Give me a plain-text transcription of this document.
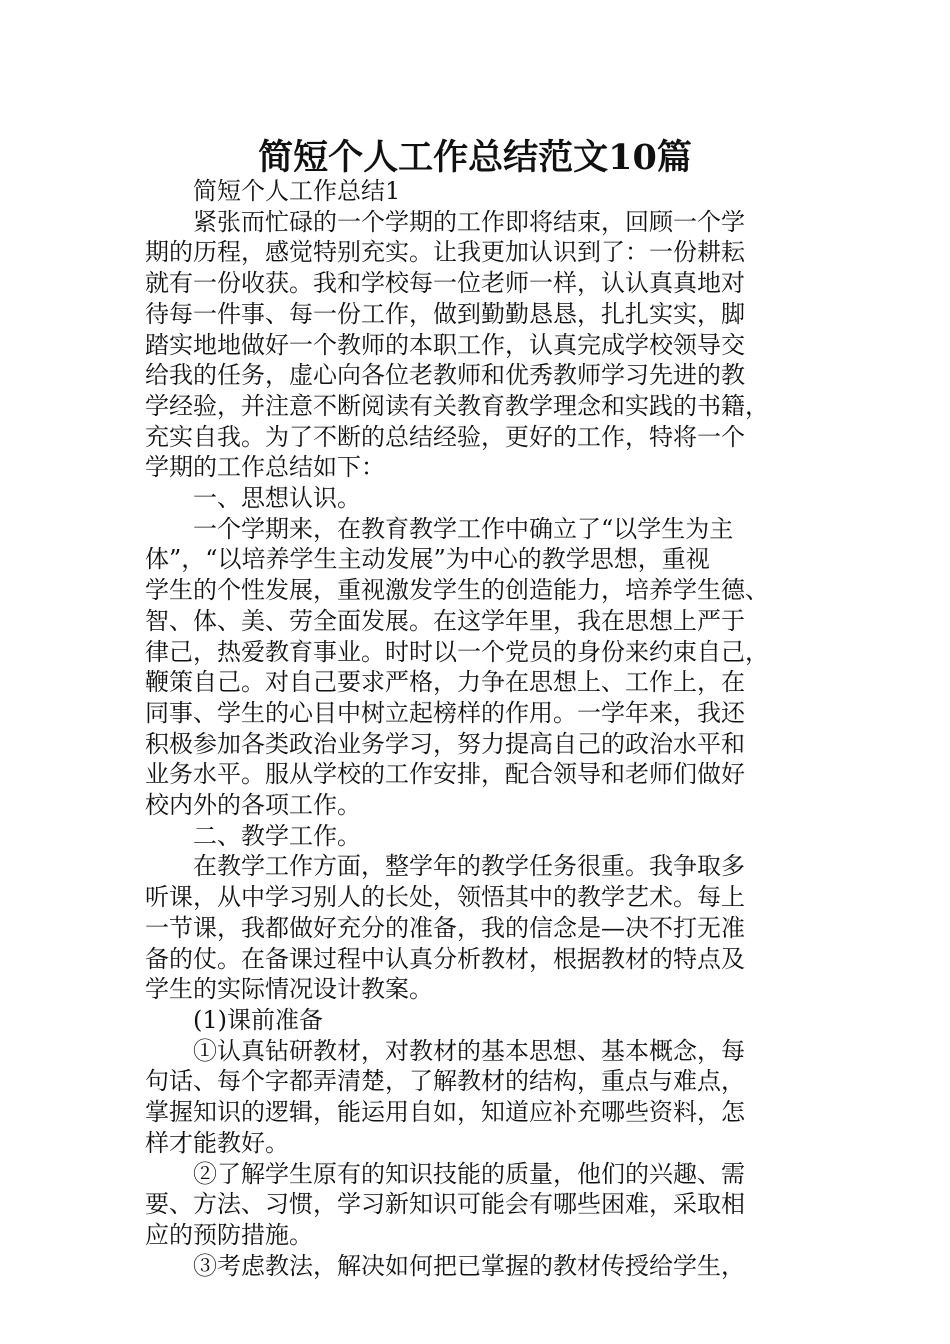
简短个人工作总结范文10篇

简短个人工作总结1

紧张而忙碌的一个学期的工作即将结束，回顾一个学
期的历程，感觉特别充实。让我更加认识到了：一份耕耘
就有一份收获。我和学校每一位老师一样，认认真真地对
待每一件事、每一份工作，做到勤勤恳恳，扎扎实实，脚
踏实地地做好一个教师的本职工作，认真完成学校领导交
给我的任务，虚心向各位老教师和优秀教师学习先进的教
学经验，并注意不断阅读有关教育教学理念和实践的书籍，
充实自我。为了不断的总结经验，更好的工作，特将一个
学期的工作总结如下：

一、思想认识。

一个学期来，在教育教学工作中确立了“以学生为主
体”，“以培养学生主动发展”为中心的教学思想，重视
学生的个性发展，重视激发学生的创造能力，培养学生德、
智、体、美、劳全面发展。在这学年里，我在思想上严于
律己，热爱教育事业。时时以一个党员的身份来约束自己，
鞭策自己。对自己要求严格，力争在思想上、工作上，在
同事、学生的心目中树立起榜样的作用。一学年来，我还
积极参加各类政治业务学习，努力提高自己的政治水平和
业务水平。服从学校的工作安排，配合领导和老师们做好
校内外的各项工作。

二、教学工作。

在教学工作方面，整学年的教学任务很重。我争取多
听课，从中学习别人的长处，领悟其中的教学艺术。每上
一节课，我都做好充分的准备，我的信念是—决不打无准
备的仗。在备课过程中认真分析教材，根据教材的特点及
学生的实际情况设计教案。

(1)课前准备

①认真钻研教材，对教材的基本思想、基本概念，每
句话、每个字都弄清楚，了解教材的结构，重点与难点，
掌握知识的逻辑，能运用自如，知道应补充哪些资料，怎
样才能教好。

②了解学生原有的知识技能的质量，他们的兴趣、需
要、方法、习惯，学习新知识可能会有哪些困难，采取相
应的预防措施。

③考虑教法，解决如何把已掌握的教材传授给学生，
